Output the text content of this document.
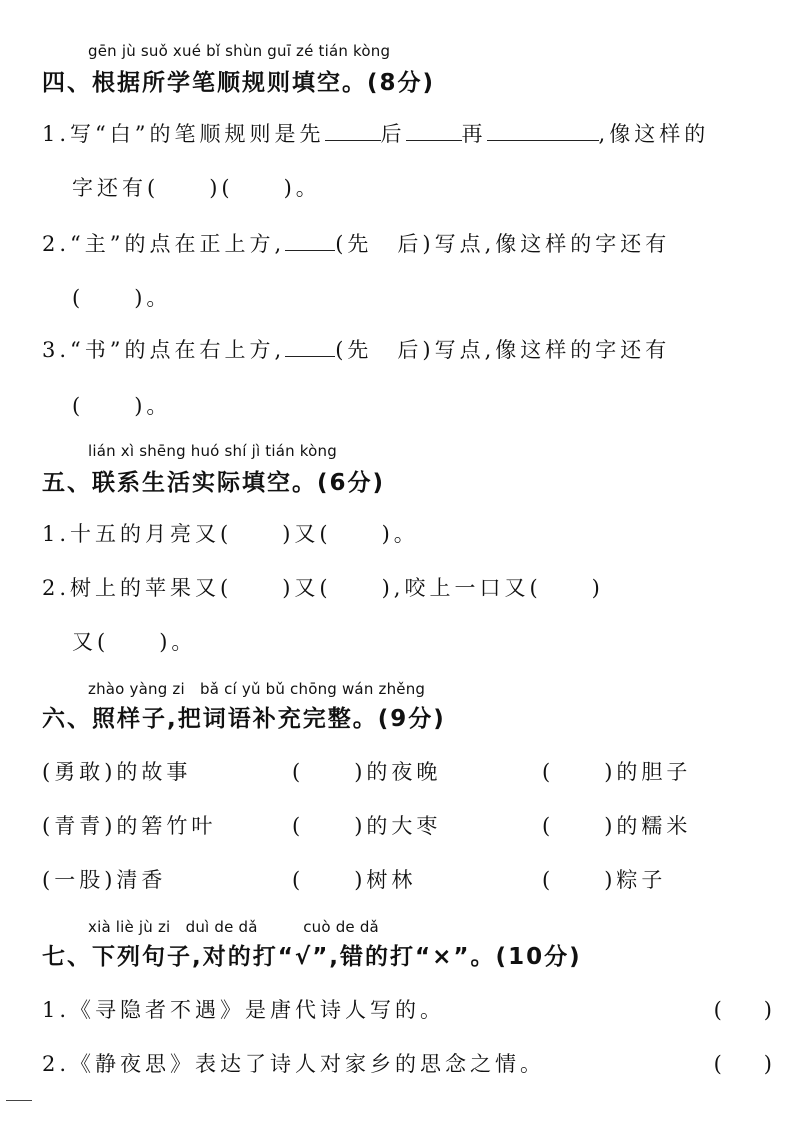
gēn jù suǒ xué bǐ shùn guī zé tián kòng
四、根据所学笔顺规则填空。(8分)
1.写“白”的笔顺规则是先	后	再	,像这样的
字还有(　　)(　　)。
2.“主”的点在正上方, (先　后)写点,像这样的字还有
(　　)。
3.“书”的点在右上方, (先　后)写点,像这样的字还有
(　　)。
lián xì shēng huó shí jì tián kòng
五、联系生活实际填空。(6分)
1.十五的月亮又(　　)又(　　)。
2.树上的苹果又(　　)又(　　),咬上一口又(　　)
又(　　)。
zhào yàng zi　bǎ cí yǔ bǔ chōng wán zhěng
六、照样子,把词语补充完整。(9分)
(勇敢)的故事	(　　)的夜晚	(　　)的胆子
(青青)的箬竹叶	(　　)的大枣	(　　)的糯米
(一股)清香	(　　)树林	(　　)粽子
xià liè jù zi　duì de dǎ　　　cuò de dǎ
七、下列句子,对的打“√”,错的打“×”。(10分)
1.《寻隐者不遇》是唐代诗人写的。	(　　)
2.《静夜思》表达了诗人对家乡的思念之情。	(　　)
